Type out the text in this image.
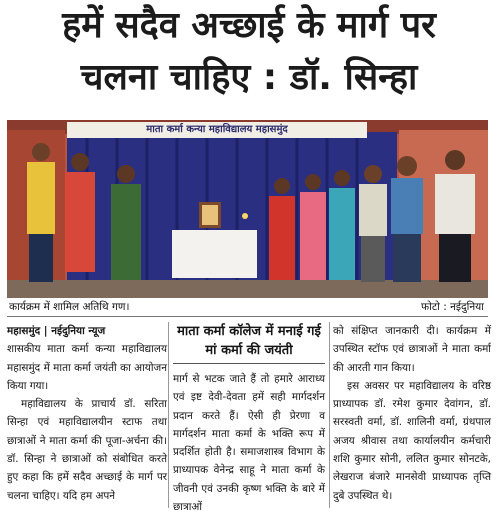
हमें सदैव अच्छाई के मार्ग पर
चलना चाहिए : डॉ. सिन्हा
माता कर्मा कन्या महाविद्यालय महासमुंद
कार्यक्रम में शामिल अतिथि गण।	फोटो : नईदुनिया

महासमुंद | नईदुनिया न्यूज

शासकीय माता कर्मा कन्या महाविद्यालय महासमुंद में माता कर्मा जयंती का आयोजन किया गया।

महाविद्यालय के प्राचार्य डॉ. सरिता सिन्हा एवं महाविद्यालयीन स्टाफ तथा छात्राओं ने माता कर्मा की पूजा-अर्चना की। डॉ. सिन्हा ने छात्राओं को संबोधित करते हुए कहा कि हमें सदैव अच्छाई के मार्ग पर चलना चाहिए। यदि हम अपने

माता कर्मा कॉलेज में मनाई गई मां कर्मा की जयंती

मार्ग से भटक जाते हैं तो हमारे आराध्य एवं इष्ट देवी-देवता हमें सही मार्गदर्शन प्रदान करते हैं। ऐसी ही प्रेरणा व मार्गदर्शन माता कर्मा के भक्ति रूप में प्रदर्शित होती है। समाजशास्त्र विभाग के प्राध्यापक वेनेन्द्र साहू ने माता कर्मा के जीवनी एवं उनकी कृष्ण भक्ति के बारे में छात्राओं

को संक्षिप्त जानकारी दी। कार्यक्रम में उपस्थित स्टॉफ एवं छात्राओं ने माता कर्मा की आरती गान किया।

इस अवसर पर महाविद्यालय के वरिष्ठ प्राध्यापक डॉ. रमेश कुमार देवांगन, डॉ. सरस्वती वर्मा, डॉ. शालिनी वर्मा, ग्रंथपाल अजय श्रीवास तथा कार्यालयीन कर्मचारी शशि कुमार सोनी, ललित कुमार सोनटके, लेखराज बंजारे मानसेवी प्राध्यापक तृप्ति दुबे उपस्थित थे।
